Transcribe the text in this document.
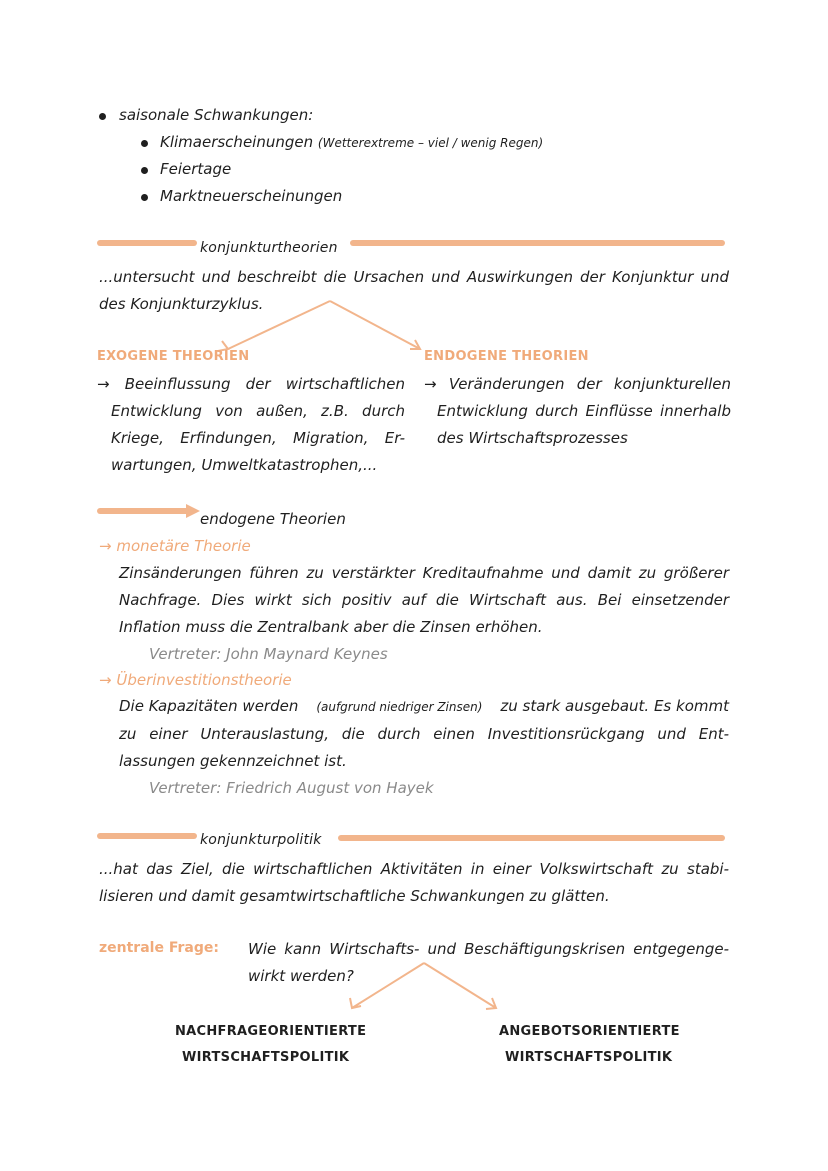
saisonale Schwankungen:
Klimaerscheinungen (Wetterextreme – viel / wenig Regen)
Feiertage
Marktneuerscheinungen
konjunkturtheorien
...untersucht und beschreibt die Ursachen und Auswirkungen der Konjunktur und
des Konjunkturzyklus.
EXOGENE THEORIEN	ENDOGENE THEORIEN
→ Beeinflussung der wirtschaftlichen
Entwicklung von außen, z.B. durch
Kriege, Erfindungen, Migration, Er-
wartungen, Umweltkatastrophen,...
→ Veränderungen der konjunkturellen
Entwicklung durch Einflüsse innerhalb
des Wirtschaftsprozesses
endogene Theorien
→ monetäre Theorie
Zinsänderungen führen zu verstärkter Kreditaufnahme und damit zu größerer
Nachfrage. Dies wirkt sich positiv auf die Wirtschaft aus. Bei einsetzender
Inflation muss die Zentralbank aber die Zinsen erhöhen.
Vertreter: John Maynard Keynes
→ Überinvestitionstheorie
Die Kapazitäten werden (aufgrund niedriger Zinsen) zu stark ausgebaut. Es kommt
zu einer Unterauslastung, die durch einen Investitionsrückgang und Ent-
lassungen gekennzeichnet ist.
Vertreter: Friedrich August von Hayek
konjunkturpolitik
...hat das Ziel, die wirtschaftlichen Aktivitäten in einer Volkswirtschaft zu stabi-
lisieren und damit gesamtwirtschaftliche Schwankungen zu glätten.
zentrale Frage: Wie kann Wirtschafts- und Beschäftigungskrisen entgegenge-
wirkt werden?
NACHFRAGEORIENTIERTE
WIRTSCHAFTSPOLITIK
ANGEBOTSORIENTIERTE
WIRTSCHAFTSPOLITIK
